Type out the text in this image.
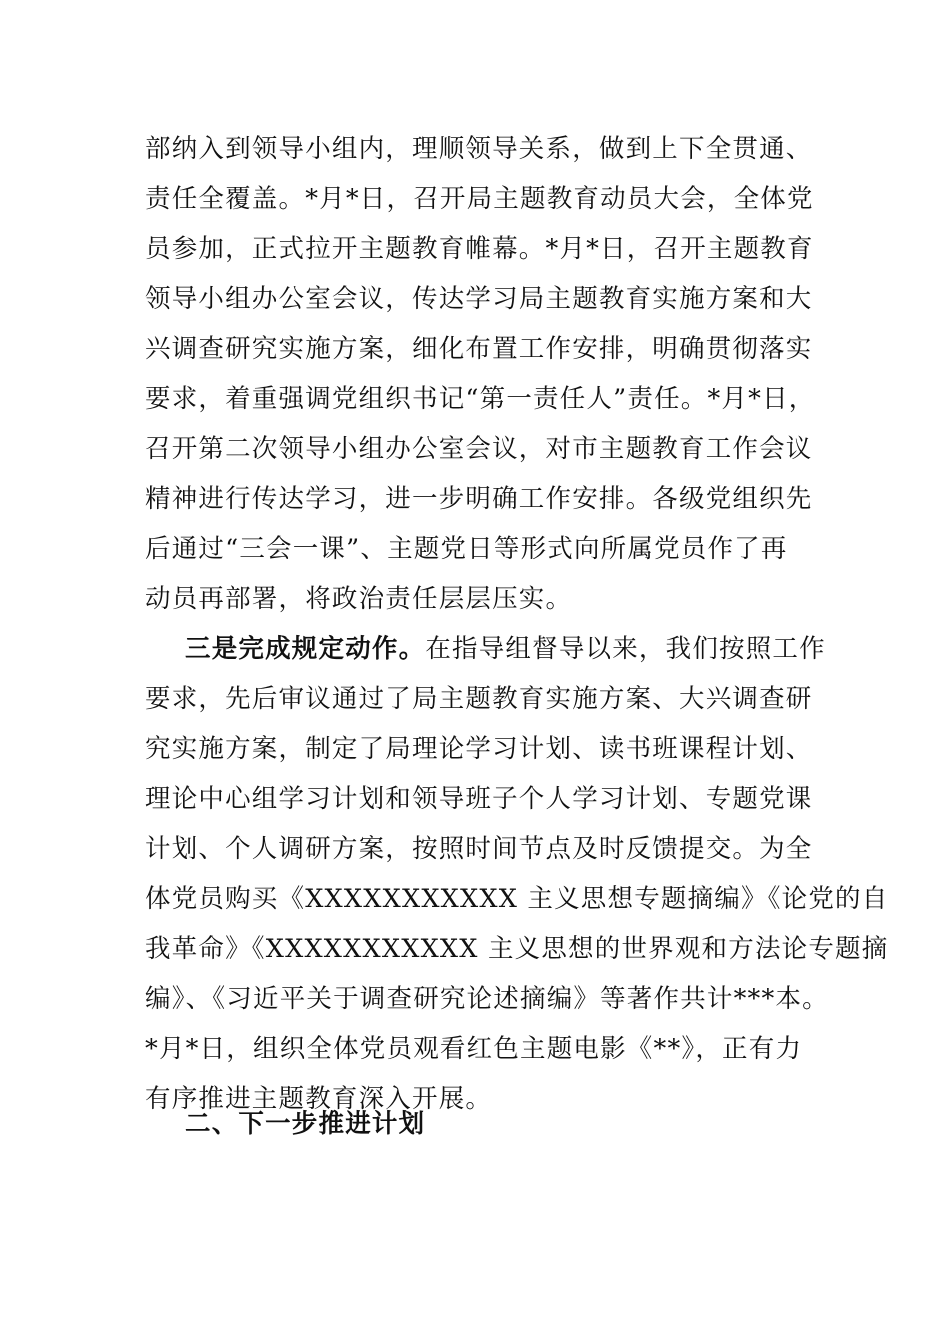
部纳入到领导小组内，理顺领导关系，做到上下全贯通、
责任全覆盖。*月*日，召开局主题教育动员大会，全体党
员参加，正式拉开主题教育帷幕。*月*日，召开主题教育
领导小组办公室会议，传达学习局主题教育实施方案和大
兴调查研究实施方案，细化布置工作安排，明确贯彻落实
要求，着重强调党组织书记“第一责任人”责任。*月*日，
召开第二次领导小组办公室会议，对市主题教育工作会议
精神进行传达学习，进一步明确工作安排。各级党组织先
后通过“三会一课”、主题党日等形式向所属党员作了再
动员再部署，将政治责任层层压实。
三是完成规定动作。在指导组督导以来，我们按照工作
要求，先后审议通过了局主题教育实施方案、大兴调查研
究实施方案，制定了局理论学习计划、读书班课程计划、
理论中心组学习计划和领导班子个人学习计划、专题党课
计划、个人调研方案，按照时间节点及时反馈提交。为全
体党员购买《XXXXXXXXXXX 主义思想专题摘编》《论党的自
我革命》《XXXXXXXXXXX 主义思想的世界观和方法论专题摘
编》、《习近平关于调查研究论述摘编》等著作共计***本。
*月*日，组织全体党员观看红色主题电影《**》，正有力
有序推进主题教育深入开展。
二、下一步推进计划
